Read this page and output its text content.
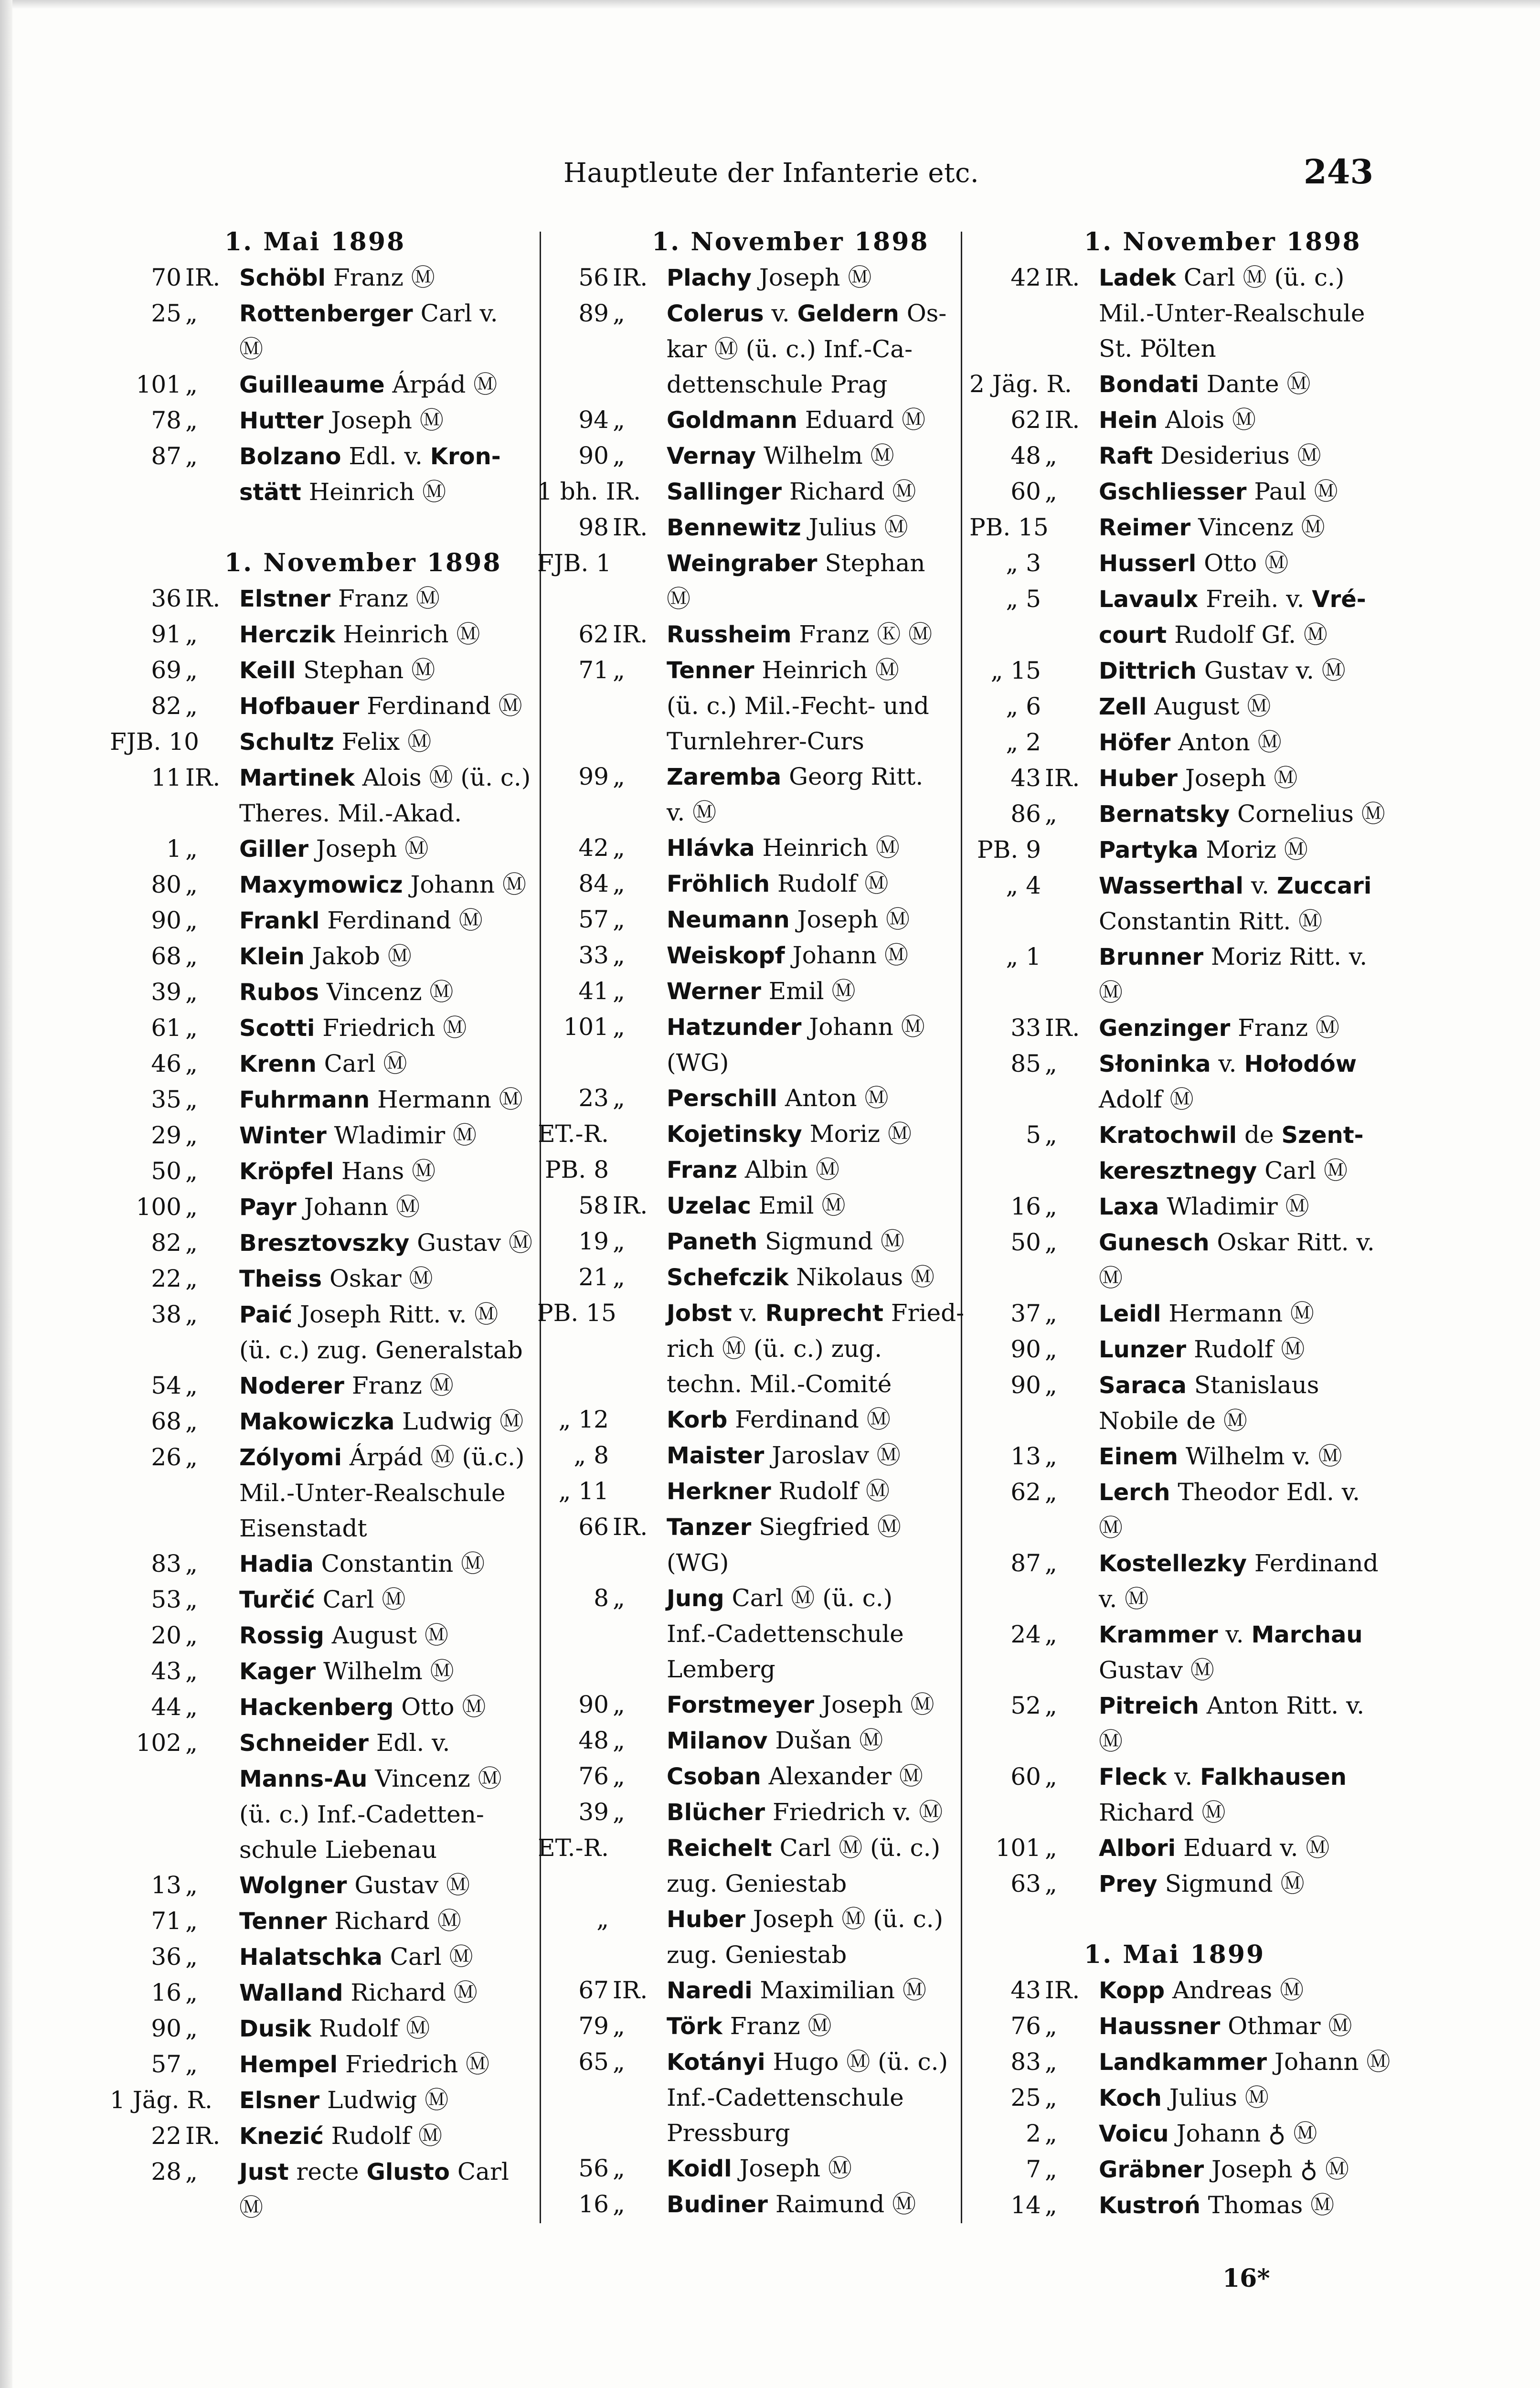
Hauptleute der Infanterie etc.	243
1. Mai 1898
70 IR. Schöbl Franz Ⓜ
25 „	Rottenberger Carl v.
Ⓜ
101 „	Guilleaume Árpád Ⓜ
78 „	Hutter Joseph Ⓜ
87 „	Bolzano Edl. v. Kron-
stätt Heinrich Ⓜ
1. November 1898
36 IR. Elstner Franz Ⓜ
91 „	Herczik Heinrich Ⓜ
69 „	Keill Stephan Ⓜ
82 „	Hofbauer Ferdinand Ⓜ
FJB. 10 Schultz Felix Ⓜ
11 IR. Martinek Alois Ⓜ (ü. c.)
Theres. Mil.-Akad.
1 „	Giller Joseph Ⓜ
80 „	Maxymowicz Johann Ⓜ
90 „	Frankl Ferdinand Ⓜ
68 „	Klein Jakob Ⓜ
39 „	Rubos Vincenz Ⓜ
61 „	Scotti Friedrich Ⓜ
46 „	Krenn Carl Ⓜ
35 „	Fuhrmann Hermann Ⓜ
29 „	Winter Wladimir Ⓜ
50 „	Kröpfel Hans Ⓜ
100 „	Payr Johann Ⓜ
82 „	Bresztovszky Gustav Ⓜ
22 „	Theiss Oskar Ⓜ
38 „	Paić Joseph Ritt. v. Ⓜ
(ü. c.) zug. Generalstab
54 „	Noderer Franz Ⓜ
68 „	Makowiczka Ludwig Ⓜ
26 „	Zólyomi Árpád Ⓜ (ü.c.)
Mil.-Unter-Realschule
Eisenstadt
83 „	Hadia Constantin Ⓜ
53 „	Turčić Carl Ⓜ
20 „	Rossig August Ⓜ
43 „	Kager Wilhelm Ⓜ
44 „	Hackenberg Otto Ⓜ
102 „	Schneider Edl. v.
Manns-Au Vincenz Ⓜ
(ü. c.) Inf.-Cadetten-
schule Liebenau
13 „	Wolgner Gustav Ⓜ
71 „	Tenner Richard Ⓜ
36 „	Halatschka Carl Ⓜ
16 „	Walland Richard Ⓜ
90 „	Dusik Rudolf Ⓜ
57 „	Hempel Friedrich Ⓜ
1 Jäg. R. Elsner Ludwig Ⓜ
22 IR. Knezić Rudolf Ⓜ
28 „	Just recte Glusto Carl
Ⓜ
1. November 1898
56 IR. Plachy Joseph Ⓜ
89 „	Colerus v. Geldern Os-
kar Ⓜ (ü. c.) Inf.-Ca-
dettenschule Prag
94 „	Goldmann Eduard Ⓜ
90 „	Vernay Wilhelm Ⓜ
1 bh. IR. Sallinger Richard Ⓜ
98 IR. Bennewitz Julius Ⓜ
FJB. 1 Weingraber Stephan
Ⓜ
62 IR. Russheim Franz Ⓚ Ⓜ
71 „	Tenner Heinrich Ⓜ
(ü. c.) Mil.-Fecht- und
Turnlehrer-Curs
99 „	Zaremba Georg Ritt.
v. Ⓜ
42 „	Hlávka Heinrich Ⓜ
84 „	Fröhlich Rudolf Ⓜ
57 „	Neumann Joseph Ⓜ
33 „	Weiskopf Johann Ⓜ
41 „	Werner Emil Ⓜ
101 „	Hatzunder Johann Ⓜ
(WG)
23 „	Perschill Anton Ⓜ
ET.-R.	Kojetinsky Moriz Ⓜ
PB. 8	Franz Albin Ⓜ
58 IR. Uzelac Emil Ⓜ
19 „	Paneth Sigmund Ⓜ
21 „	Schefczik Nikolaus Ⓜ
PB. 15 Jobst v. Ruprecht Fried-
rich Ⓜ (ü. c.) zug.
techn. Mil.-Comité
„ 12	Korb Ferdinand Ⓜ
„ 8	Maister Jaroslav Ⓜ
„ 11	Herkner Rudolf Ⓜ
66 IR. Tanzer Siegfried Ⓜ
(WG)
8 „	Jung Carl Ⓜ (ü. c.)
Inf.-Cadettenschule
Lemberg
90 „	Forstmeyer Joseph Ⓜ
48 „	Milanov Dušan Ⓜ
76 „	Csoban Alexander Ⓜ
39 „	Blücher Friedrich v. Ⓜ
ET.-R.	Reichelt Carl Ⓜ (ü. c.)
zug. Geniestab
„	Huber Joseph Ⓜ (ü. c.)
zug. Geniestab
67 IR. Naredi Maximilian Ⓜ
79 „	Törk Franz Ⓜ
65 „	Kotányi Hugo Ⓜ (ü. c.)
Inf.-Cadettenschule
Pressburg
56 „	Koidl Joseph Ⓜ
16 „	Budiner Raimund Ⓜ
1. November 1898
42 IR. Ladek Carl Ⓜ (ü. c.)
Mil.-Unter-Realschule
St. Pölten
2 Jäg. R. Bondati Dante Ⓜ
62 IR. Hein Alois Ⓜ
48 „	Raft Desiderius Ⓜ
60 „	Gschliesser Paul Ⓜ
PB. 15 Reimer Vincenz Ⓜ
„ 3	Husserl Otto Ⓜ
„ 5	Lavaulx Freih. v. Vré-
court Rudolf Gf. Ⓜ
„ 15	Dittrich Gustav v. Ⓜ
„ 6	Zell August Ⓜ
„ 2	Höfer Anton Ⓜ
43 IR. Huber Joseph Ⓜ
86 „	Bernatsky Cornelius Ⓜ
PB. 9	Partyka Moriz Ⓜ
„ 4	Wasserthal v. Zuccari
Constantin Ritt. Ⓜ
„ 1	Brunner Moriz Ritt. v.
Ⓜ
33 IR. Genzinger Franz Ⓜ
85 „	Słoninka v. Hołodów
Adolf Ⓜ
5 „	Kratochwil de Szent-
keresztnegy Carl Ⓜ
16 „	Laxa Wladimir Ⓜ
50 „	Gunesch Oskar Ritt. v.
Ⓜ
37 „	Leidl Hermann Ⓜ
90 „	Lunzer Rudolf Ⓜ
90 „	Saraca Stanislaus
Nobile de Ⓜ
13 „	Einem Wilhelm v. Ⓜ
62 „	Lerch Theodor Edl. v.
Ⓜ
87 „	Kostellezky Ferdinand
v. Ⓜ
24 „	Krammer v. Marchau
Gustav Ⓜ
52 „	Pitreich Anton Ritt. v.
Ⓜ
60 „	Fleck v. Falkhausen
Richard Ⓜ
101 „	Albori Eduard v. Ⓜ
63 „	Prey Sigmund Ⓜ
1. Mai 1899
43 IR. Kopp Andreas Ⓜ
76 „	Haussner Othmar Ⓜ
83 „	Landkammer Johann Ⓜ
25 „	Koch Julius Ⓜ
2 „	Voicu Johann ♁ Ⓜ
7 „	Gräbner Joseph ♁ Ⓜ
14 „	Kustroń Thomas Ⓜ
16*
